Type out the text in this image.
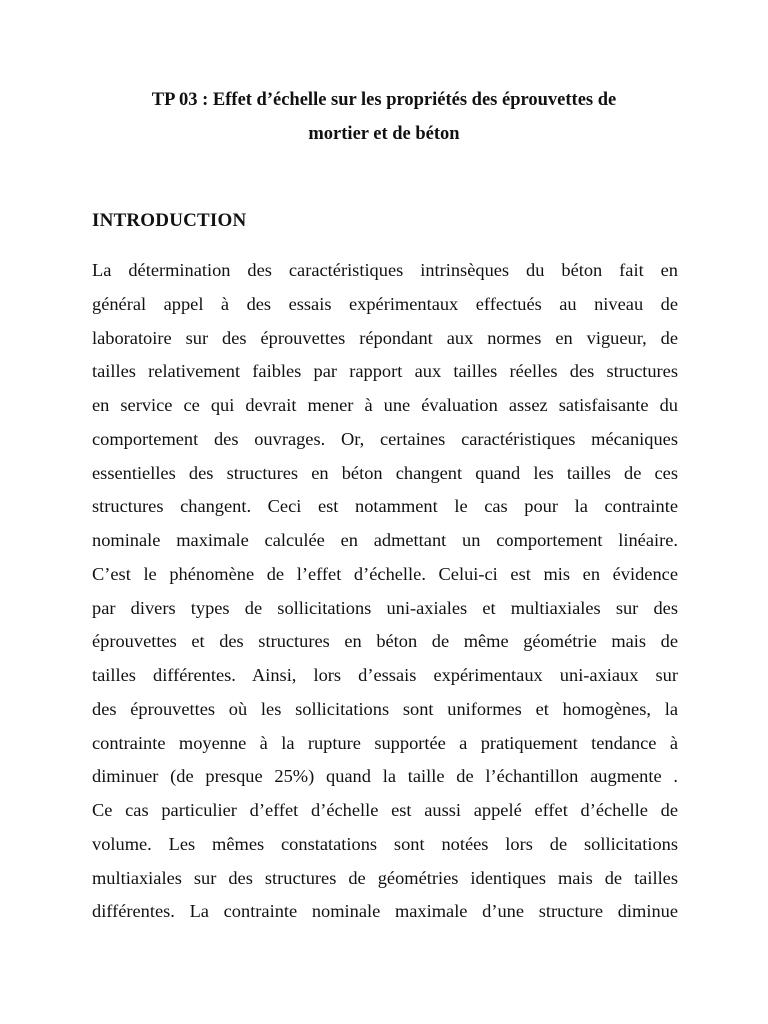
TP 03 : Effet d’échelle sur les propriétés des éprouvettes de
mortier et de béton
INTRODUCTION
La détermination des caractéristiques intrinsèques du béton fait en
général appel à des essais expérimentaux effectués au niveau de
laboratoire sur des éprouvettes répondant aux normes en vigueur, de
tailles relativement faibles par rapport aux tailles réelles des structures
en service ce qui devrait mener à une évaluation assez satisfaisante du
comportement des ouvrages. Or, certaines caractéristiques mécaniques
essentielles des structures en béton changent quand les tailles de ces
structures changent. Ceci est notamment le cas pour la contrainte
nominale maximale calculée en admettant un comportement linéaire.
C’est le phénomène de l’effet d’échelle. Celui-ci est mis en évidence
par divers types de sollicitations uni-axiales et multiaxiales sur des
éprouvettes et des structures en béton de même géométrie mais de
tailles différentes. Ainsi, lors d’essais expérimentaux uni-axiaux sur
des éprouvettes où les sollicitations sont uniformes et homogènes, la
contrainte moyenne à la rupture supportée a pratiquement tendance à
diminuer (de presque 25%) quand la taille de l’échantillon augmente .
Ce cas particulier d’effet d’échelle est aussi appelé effet d’échelle de
volume. Les mêmes constatations sont notées lors de sollicitations
multiaxiales sur des structures de géométries identiques mais de tailles
différentes. La contrainte nominale maximale d’une structure diminue
